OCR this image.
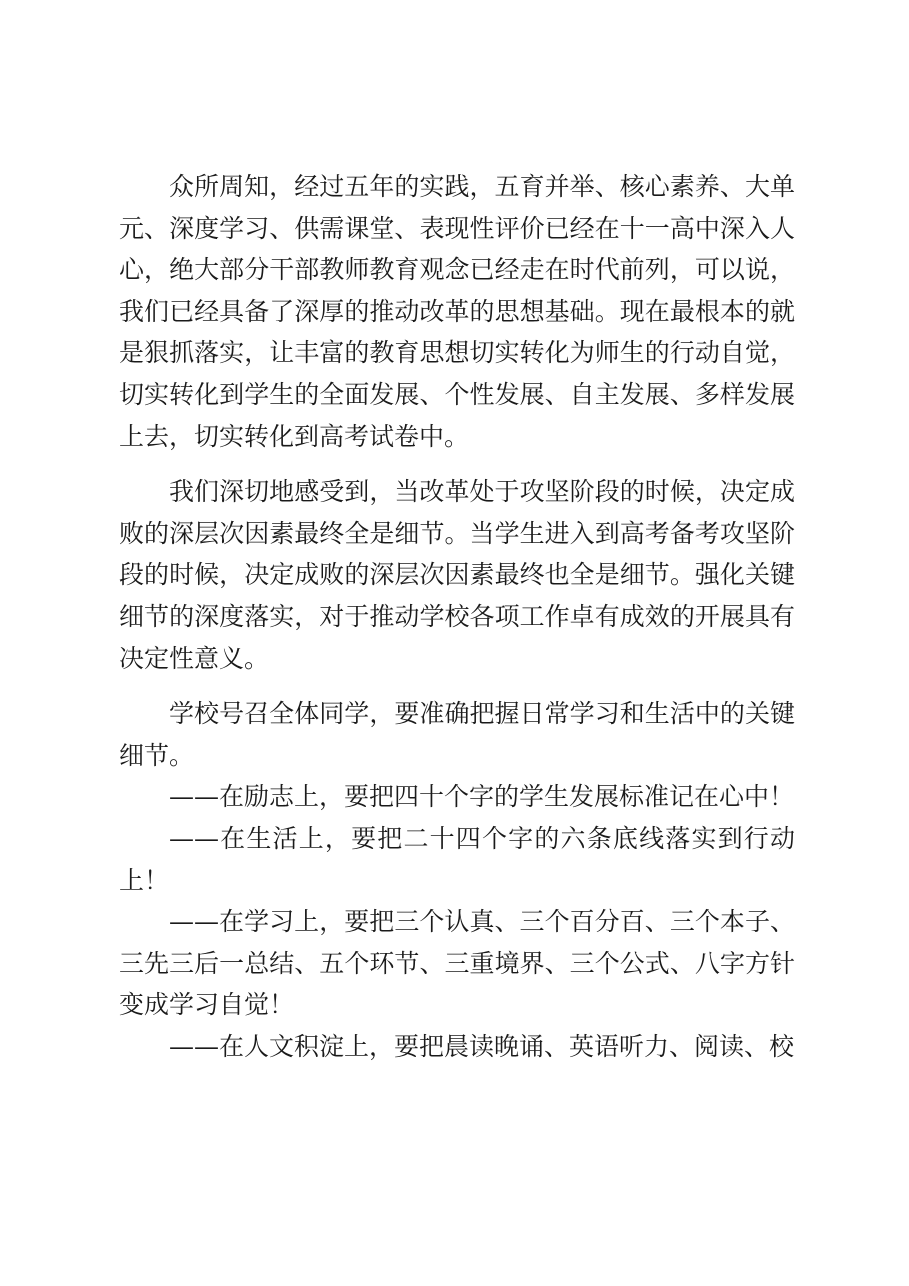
众所周知，经过五年的实践，五育并举、核心素养、大单元、深度学习、供需课堂、表现性评价已经在十一高中深入人心，绝大部分干部教师教育观念已经走在时代前列，可以说，我们已经具备了深厚的推动改革的思想基础。现在最根本的就是狠抓落实，让丰富的教育思想切实转化为师生的行动自觉，切实转化到学生的全面发展、个性发展、自主发展、多样发展上去，切实转化到高考试卷中。

我们深切地感受到，当改革处于攻坚阶段的时候，决定成败的深层次因素最终全是细节。当学生进入到高考备考攻坚阶段的时候，决定成败的深层次因素最终也全是细节。强化关键细节的深度落实，对于推动学校各项工作卓有成效的开展具有决定性意义。

学校号召全体同学，要准确把握日常学习和生活中的关键细节。

——在励志上，要把四十个字的学生发展标准记在心中！

——在生活上，要把二十四个字的六条底线落实到行动上！

——在学习上，要把三个认真、三个百分百、三个本子、三先三后一总结、五个环节、三重境界、三个公式、八字方针变成学习自觉！

——在人文积淀上，要把晨读晚诵、英语听力、阅读、校
